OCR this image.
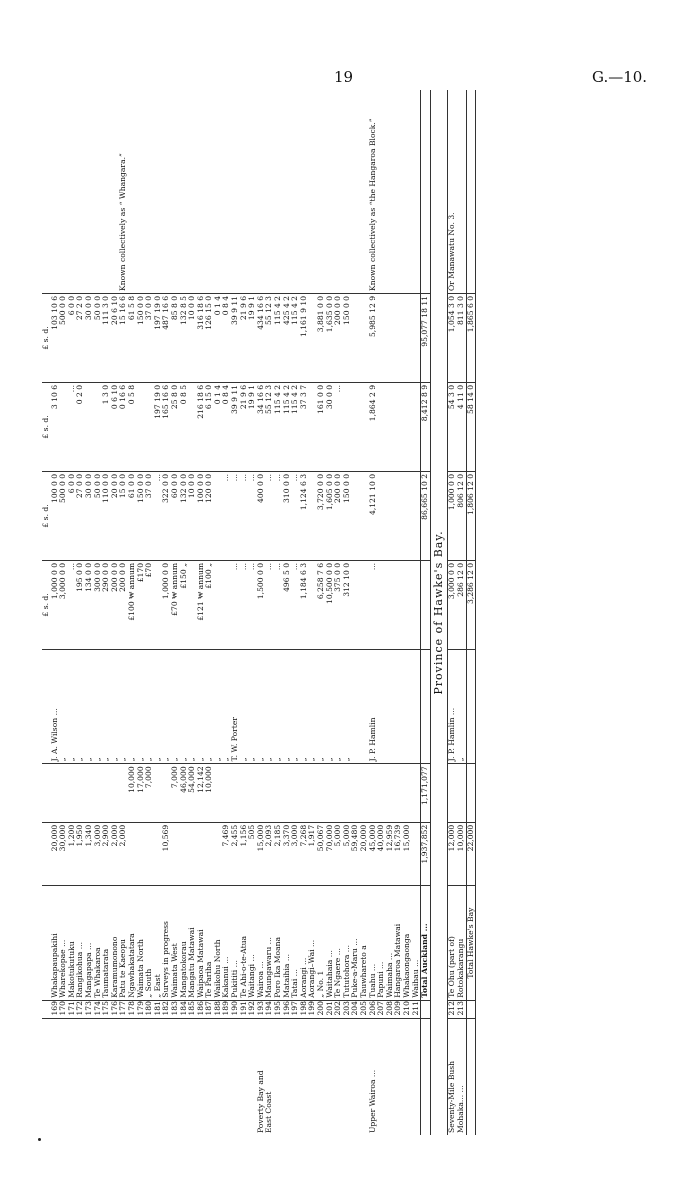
19	G.—10.
						£ s. d.	£ s. d.	£ s. d.	£ s. d.	
	169	Whakapaupakihi	20,000		J. A. Wilson ...	1,000 0 0	100 0 0	3 10 6	103 10 6	
	170	Wharekopae ...	30,000		„	3,000 0 0	500 0 0		500 0 0	
	171	Makotukutuku	1,200		„	...	6 0 0	...	6 0 0	
	172	Rangikohua ...	1,950		„	195 0 0	27 0 0	0 2 0	27 2 0	
	173	Mangapapa ...	1,340		„	134 0 0	30 0 0		30 0 0	
	174	Te Whakaroa	3,000		„	300 0 0	50 0 0		50 0 0	
	175	Taumatarata	2,900		„	290 0 0	110 0 0	1 3 0	111 3 0	
	176	Karamumonono	2,000		„	200 0 0	20 0 0	0 6 10	20 6 10	
	177	Patu te Kaeopu	2,000		„	200 0 0	15 0 0	0 16 6	15 16 6	Known collectively as “ Whangara.”
	178	Ngawhakatatara		10,000	„	£100 ₩ annum	61 0 0	0 5 8	61 5 8	
	179	Waimata North		17,000	„	£170	150 0 0		150 0 0	
	180	„ South		7,000	„	£70	37 0 0		37 0 0	
	181	„ East			„		...	197 19 0	197 19 0	
	182	Surveys in progress	10,569		„	1,000 0 0	322 0 0	165 16 6	487 16 6	
	183	Waimata West		7,000	„	£70 ₩ annum	60 0 0	25 8 0	85 8 0	
	184	Mangatokorau		46,000	„	£150 „	132 0 0	0 8 5	132 8 5	
	185	Mangatu Matawai		54,000	„		10 0 0		10 0 0	
	186	Waipaoa Matawai		12,142	„	£121 ₩ annum	100 0 0	216 18 6	316 18 6	
	187	Te Pariha		10,000	„	£100 „	120 0 0	6 15 0	126 15 0	
	188	Waikohu North			„			0 1 4	0 1 4	
	189	Kakanui ...	7,469		„		...	0 8 4	0 8 4	
	190	Pukititi ...	2,455		T. W. Porter	...	...	39 9 11	39 9 11	
	191	Te Ahi-o-te-Atua	1,156		„	...	...	21 9 6	21 9 6	
	192	Waitangi ...	505		„	...	...	19 9 1	19 9 1	
Poverty Bay and	193	Wairoa ...	15,000		„	1,500 0 0	400 0 0	34 16 6	434 16 6	
East Coast	194	Maungawaru ...	2,093		„	...	...	55 12 3	55 12 3	
	195	Poro Ika Moana	2,185		„	...	...	115 4 2	115 4 2	
	196	Mataihia ...	3,370		„	496 5 0	310 0 0	115 4 2	425 4 2	
	197	Tatai ...	3,000		„	...	...	115 4 2	115 4 2	
	198	Aorangi ...	7,268		„	1,184 6 3	1,124 6 3	37 3 7	1,161 9 10	
	199	Aorangi–Wai ...	1,917		„					
	200	„ No. 1	50,067		„	6,258 7 6	3,720 0 0	161 0 0	3,881 0 0	
	201	Waitahaia ...	70,000		„	10,500 0 0	1,605 0 0	30 0 0	1,635 0 0	
	202	Te Ngaere ...	5,000		„	375 0 0	200 0 0	...	200 0 0	
	203	Tututohora ...	5,000		„	312 10 0	150 0 0		150 0 0	
	204	Puke-a-Maru ...	59,480							
	205	Tauwhareto a	20,000							
Upper Wairoa ...	206	Tuahu ...	45,000		J. P. Hamlin	...	4,121 10 0	1,864 2 9	5,985 12 9	Known collectively as “the Hangaroa Block.”
	207	Papuni ...	40,000							
	208	Waimaha ...	12,959							
	209	Hangaroa Matawai	16,739							
	210	Whakaongaonga	15,000							
	211	Waihau ...								
		Total Auckland ...	1,937,852	1,171,077			86,665 10 2	8,412 8 9	95,077 18 11	
Province of Hawke's Bay.										
Seventy-Mile Bush	212	Te Ohu (part of)	12,000		J. P. Hamlin ...	3,000 0 0	1,000 0 0	54 3 0	1,054 3 0	Or Manawatu No. 3.
Mohaka... ...	213	Rotokakarangu	10,000		„	286 12 0	806 12 0	4 11 0	811 3 0	
		Total Hawke's Bay	22,000			3,286 12 0	1,806 12 0	58 14 0	1,865 6 0	
